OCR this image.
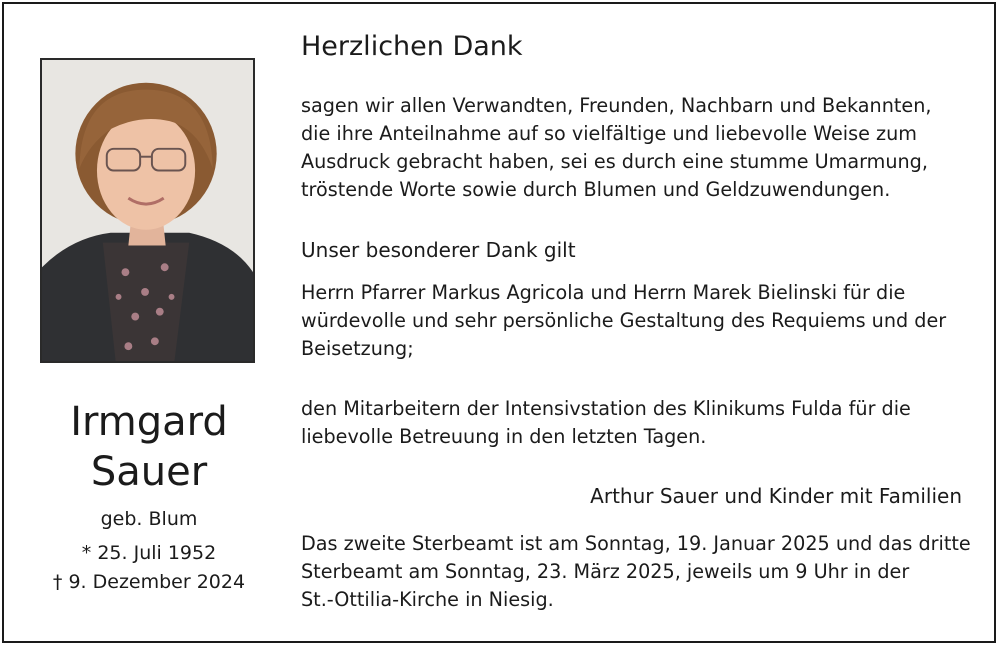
Irmgard
Sauer
geb. Blum
* 25. Juli 1952
† 9. Dezember 2024
Herzlichen Dank
sagen wir allen Verwandten, Freunden, Nachbarn und Bekannten,
die ihre Anteilnahme auf so vielfältige und liebevolle Weise zum
Ausdruck gebracht haben, sei es durch eine stumme Umarmung,
tröstende Worte sowie durch Blumen und Geldzuwendungen.
Unser besonderer Dank gilt
Herrn Pfarrer Markus Agricola und Herrn Marek Bielinski für die
würdevolle und sehr persönliche Gestaltung des Requiems und der
Beisetzung;
den Mitarbeitern der Intensivstation des Klinikums Fulda für die
liebevolle Betreuung in den letzten Tagen.
Arthur Sauer und Kinder mit Familien
Das zweite Sterbeamt ist am Sonntag, 19. Januar 2025 und das dritte
Sterbeamt am Sonntag, 23. März 2025, jeweils um 9 Uhr in der
St.-Ottilia-Kirche in Niesig.
